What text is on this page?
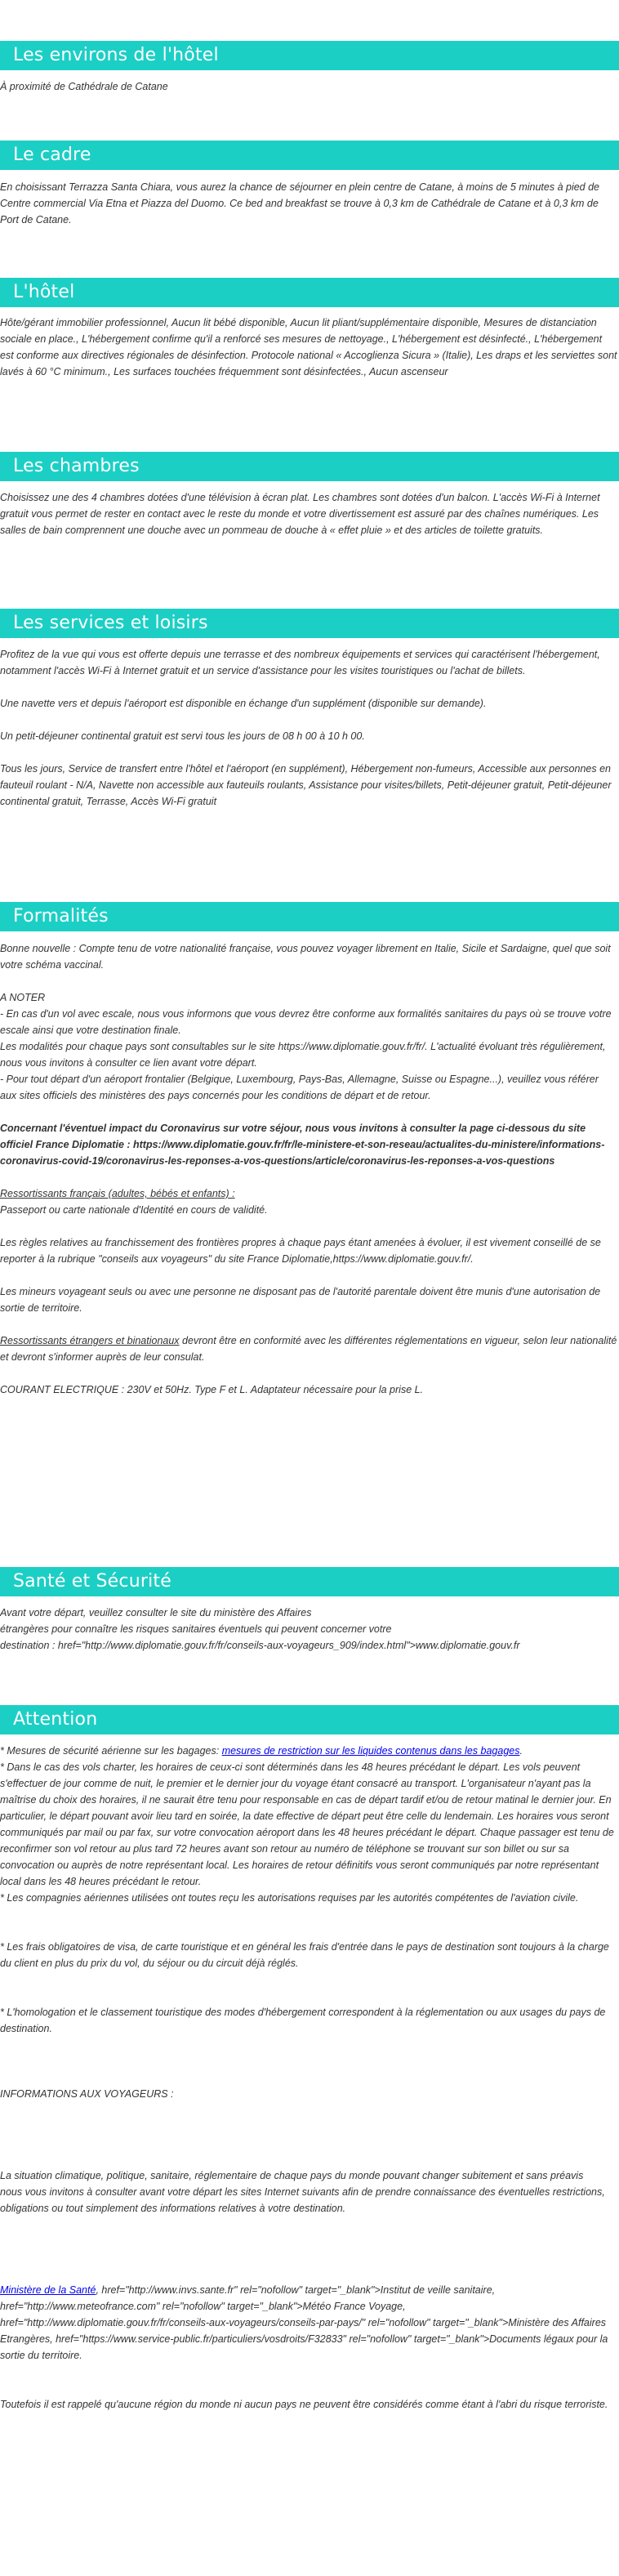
Les environs de l'hôtel

À proximité de Cathédrale de Catane

Le cadre

En choisissant Terrazza Santa Chiara, vous aurez la chance de séjourner en plein centre de Catane, à moins de 5 minutes à pied de Centre commercial Via Etna et Piazza del Duomo. Ce bed and breakfast se trouve à 0,3 km de Cathédrale de Catane et à 0,3 km de Port de Catane.

L'hôtel

Hôte/gérant immobilier professionnel, Aucun lit bébé disponible, Aucun lit pliant/supplémentaire disponible, Mesures de distanciation sociale en place., L'hébergement confirme qu'il a renforcé ses mesures de nettoyage., L'hébergement est désinfecté., L'hébergement est conforme aux directives régionales de désinfection. Protocole national « Accoglienza Sicura » (Italie), Les draps et les serviettes sont lavés à 60 °C minimum., Les surfaces touchées fréquemment sont désinfectées., Aucun ascenseur

Les chambres

Choisissez une des 4 chambres dotées d'une télévision à écran plat. Les chambres sont dotées d'un balcon. L'accès Wi-Fi à Internet gratuit vous permet de rester en contact avec le reste du monde et votre divertissement est assuré par des chaînes numériques. Les salles de bain comprennent une douche avec un pommeau de douche à « effet pluie » et des articles de toilette gratuits.

Les services et loisirs

Profitez de la vue qui vous est offerte depuis une terrasse et des nombreux équipements et services qui caractérisent l'hébergement, notamment l'accès Wi-Fi à Internet gratuit et un service d'assistance pour les visites touristiques ou l'achat de billets.

Une navette vers et depuis l'aéroport est disponible en échange d'un supplément (disponible sur demande).

Un petit-déjeuner continental gratuit est servi tous les jours de 08 h 00 à 10 h 00.

Tous les jours, Service de transfert entre l'hôtel et l'aéroport (en supplément), Hébergement non-fumeurs, Accessible aux personnes en fauteuil roulant - N/A, Navette non accessible aux fauteuils roulants, Assistance pour visites/billets, Petit-déjeuner gratuit, Petit-déjeuner continental gratuit, Terrasse, Accès Wi-Fi gratuit

Formalités

Bonne nouvelle : Compte tenu de votre nationalité française, vous pouvez voyager librement en Italie, Sicile et Sardaigne, quel que soit votre schéma vaccinal.

A NOTER

- En cas d'un vol avec escale, nous vous informons que vous devrez être conforme aux formalités sanitaires du pays où se trouve votre escale ainsi que votre destination finale.

Les modalités pour chaque pays sont consultables sur le site https://www.diplomatie.gouv.fr/fr/. L'actualité évoluant très régulièrement, nous vous invitons à consulter ce lien avant votre départ.

- Pour tout départ d'un aéroport frontalier (Belgique, Luxembourg, Pays-Bas, Allemagne, Suisse ou Espagne...), veuillez vous référer aux sites officiels des ministères des pays concernés pour les conditions de départ et de retour.

Concernant l'éventuel impact du Coronavirus sur votre séjour, nous vous invitons à consulter la page ci-dessous du site officiel France Diplomatie : https://www.diplomatie.gouv.fr/fr/le-ministere-et-son-reseau/actualites-du-ministere/informations-coronavirus-covid-19/coronavirus-les-reponses-a-vos-questions/article/coronavirus-les-reponses-a-vos-questions

Ressortissants français (adultes, bébés et enfants) :

Passeport ou carte nationale d'Identité en cours de validité.

Les règles relatives au franchissement des frontières propres à chaque pays étant amenées à évoluer, il est vivement conseillé de se reporter à la rubrique "conseils aux voyageurs" du site France Diplomatie,https://www.diplomatie.gouv.fr/.

Les mineurs voyageant seuls ou avec une personne ne disposant pas de l'autorité parentale doivent être munis d'une autorisation de sortie de territoire.

Ressortissants étrangers et binationaux devront être en conformité avec les différentes réglementations en vigueur, selon leur nationalité et devront s'informer auprès de leur consulat.

COURANT ELECTRIQUE : 230V et 50Hz. Type F et L. Adaptateur nécessaire pour la prise L.

Santé et Sécurité

Avant votre départ, veuillez consulter le site du ministère des Affaires

étrangères pour connaître les risques sanitaires éventuels qui peuvent concerner votre

destination : href="http://www.diplomatie.gouv.fr/fr/conseils-aux-voyageurs_909/index.html">www.diplomatie.gouv.fr

Attention

* Mesures de sécurité aérienne sur les bagages: mesures de restriction sur les liquides contenus dans les bagages.

* Dans le cas des vols charter, les horaires de ceux-ci sont déterminés dans les 48 heures précédant le départ. Les vols peuvent s'effectuer de jour comme de nuit, le premier et le dernier jour du voyage étant consacré au transport. L'organisateur n'ayant pas la maîtrise du choix des horaires, il ne saurait être tenu pour responsable en cas de départ tardif et/ou de retour matinal le dernier jour. En particulier, le départ pouvant avoir lieu tard en soirée, la date effective de départ peut être celle du lendemain. Les horaires vous seront communiqués par mail ou par fax, sur votre convocation aéroport dans les 48 heures précédant le départ. Chaque passager est tenu de reconfirmer son vol retour au plus tard 72 heures avant son retour au numéro de téléphone se trouvant sur son billet ou sur sa convocation ou auprès de notre représentant local. Les horaires de retour définitifs vous seront communiqués par notre représentant local dans les 48 heures précédant le retour.

* Les compagnies aériennes utilisées ont toutes reçu les autorisations requises par les autorités compétentes de l'aviation civile.

* Les frais obligatoires de visa, de carte touristique et en général les frais d'entrée dans le pays de destination sont toujours à la charge du client en plus du prix du vol, du séjour ou du circuit déjà réglés.

* L'homologation et le classement touristique des modes d'hébergement correspondent à la réglementation ou aux usages du pays de destination.

INFORMATIONS AUX VOYAGEURS :

La situation climatique, politique, sanitaire, réglementaire de chaque pays du monde pouvant changer subitement et sans préavis

nous vous invitons à consulter avant votre départ les sites Internet suivants afin de prendre connaissance des éventuelles restrictions, obligations ou tout simplement des informations relatives à votre destination.

Ministère de la Santé, href="http://www.invs.sante.fr" rel="nofollow" target="_blank">Institut de veille sanitaire, href="http://www.meteofrance.com" rel="nofollow" target="_blank">Météo France Voyage, href="http://www.diplomatie.gouv.fr/fr/conseils-aux-voyageurs/conseils-par-pays/" rel="nofollow" target="_blank">Ministère des Affaires Etrangères, href="https://www.service-public.fr/particuliers/vosdroits/F32833" rel="nofollow" target="_blank">Documents légaux pour la sortie du territoire.

Toutefois il est rappelé qu'aucune région du monde ni aucun pays ne peuvent être considérés comme étant à l'abri du risque terroriste.
